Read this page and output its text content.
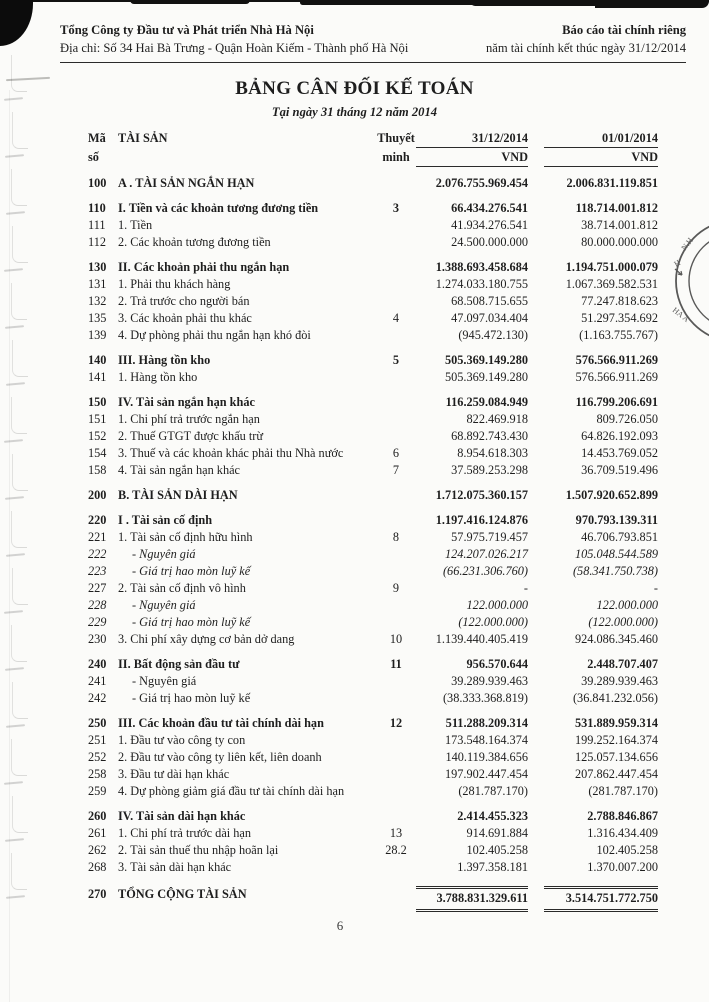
N.H
H
HA A
Tổng Công ty Đầu tư và Phát triển Nhà Hà Nội
Địa chỉ: Số 34 Hai Bà Trưng - Quận Hoàn Kiếm - Thành phố Hà Nội
Báo cáo tài chính riêng
năm tài chính kết thúc ngày 31/12/2014
BẢNG CÂN ĐỐI KẾ TOÁN
Tại ngày 31 tháng 12 năm 2014
Mã TÀI SẢN	Thuyết	31/12/2014	01/01/2014
số	minh	VND	VND
100 A . TÀI SẢN NGẮN HẠN	2.076.755.969.454	2.006.831.119.851
110 I. Tiền và các khoản tương đương tiền	3	66.434.276.541	118.714.001.812
111	1. Tiền	41.934.276.541	38.714.001.812
112 2. Các khoản tương đương tiền	24.500.000.000	80.000.000.000
130 II. Các khoản phải thu ngắn hạn	1.388.693.458.684	1.194.751.000.079
131 1. Phải thu khách hàng	1.274.033.180.755	1.067.369.582.531
132 2. Trả trước cho người bán	68.508.715.655	77.247.818.623
135 3. Các khoản phải thu khác	4	47.097.034.404	51.297.354.692
139 4. Dự phòng phải thu ngắn hạn khó đòi	(945.472.130)	(1.163.755.767)
140 III. Hàng tồn kho	5	505.369.149.280	576.566.911.269
141 1. Hàng tồn kho	505.369.149.280	576.566.911.269
150 IV. Tài sản ngắn hạn khác	116.259.084.949	116.799.206.691
151 1. Chi phí trả trước ngắn hạn	822.469.918	809.726.050
152 2. Thuế GTGT được khấu trừ	68.892.743.430	64.826.192.093
154 3. Thuế và các khoản khác phải thu Nhà nước	6	8.954.618.303	14.453.769.052
158 4. Tài sản ngắn hạn khác	7	37.589.253.298	36.709.519.496
200 B. TÀI SẢN DÀI HẠN	1.712.075.360.157	1.507.920.652.899
220 I . Tài sản cố định	1.197.416.124.876	970.793.139.311
221 1. Tài sản cố định hữu hình	8	57.975.719.457	46.706.793.851
222	- Nguyên giá	124.207.026.217	105.048.544.589
223	- Giá trị hao mòn luỹ kế	(66.231.306.760)	(58.341.750.738)
227 2. Tài sản cố định vô hình	9	-	-
228	- Nguyên giá	122.000.000	122.000.000
229	- Giá trị hao mòn luỹ kế	(122.000.000)	(122.000.000)
230 3. Chi phí xây dựng cơ bản dở dang	10	1.139.440.405.419	924.086.345.460
240 II. Bất động sản đầu tư	11	956.570.644	2.448.707.407
241	- Nguyên giá	39.289.939.463	39.289.939.463
242	- Giá trị hao mòn luỹ kế	(38.333.368.819)	(36.841.232.056)
250 III. Các khoản đầu tư tài chính dài hạn	12	511.288.209.314	531.889.959.314
251 1. Đầu tư vào công ty con	173.548.164.374	199.252.164.374
252 2. Đầu tư vào công ty liên kết, liên doanh	140.119.384.656	125.057.134.656
258 3. Đầu tư dài hạn khác	197.902.447.454	207.862.447.454
259 4. Dự phòng giảm giá đầu tư tài chính dài hạn	(281.787.170)	(281.787.170)
260 IV. Tài sản dài hạn khác	2.414.455.323	2.788.846.867
261 1. Chi phí trả trước dài hạn	13	914.691.884	1.316.434.409
262 2. Tài sản thuế thu nhập hoãn lại	28.2	102.405.258	102.405.258
268 3. Tài sản dài hạn khác	1.397.358.181	1.370.007.200
270 TỔNG CỘNG TÀI SẢN	3.788.831.329.611	3.514.751.772.750
6
